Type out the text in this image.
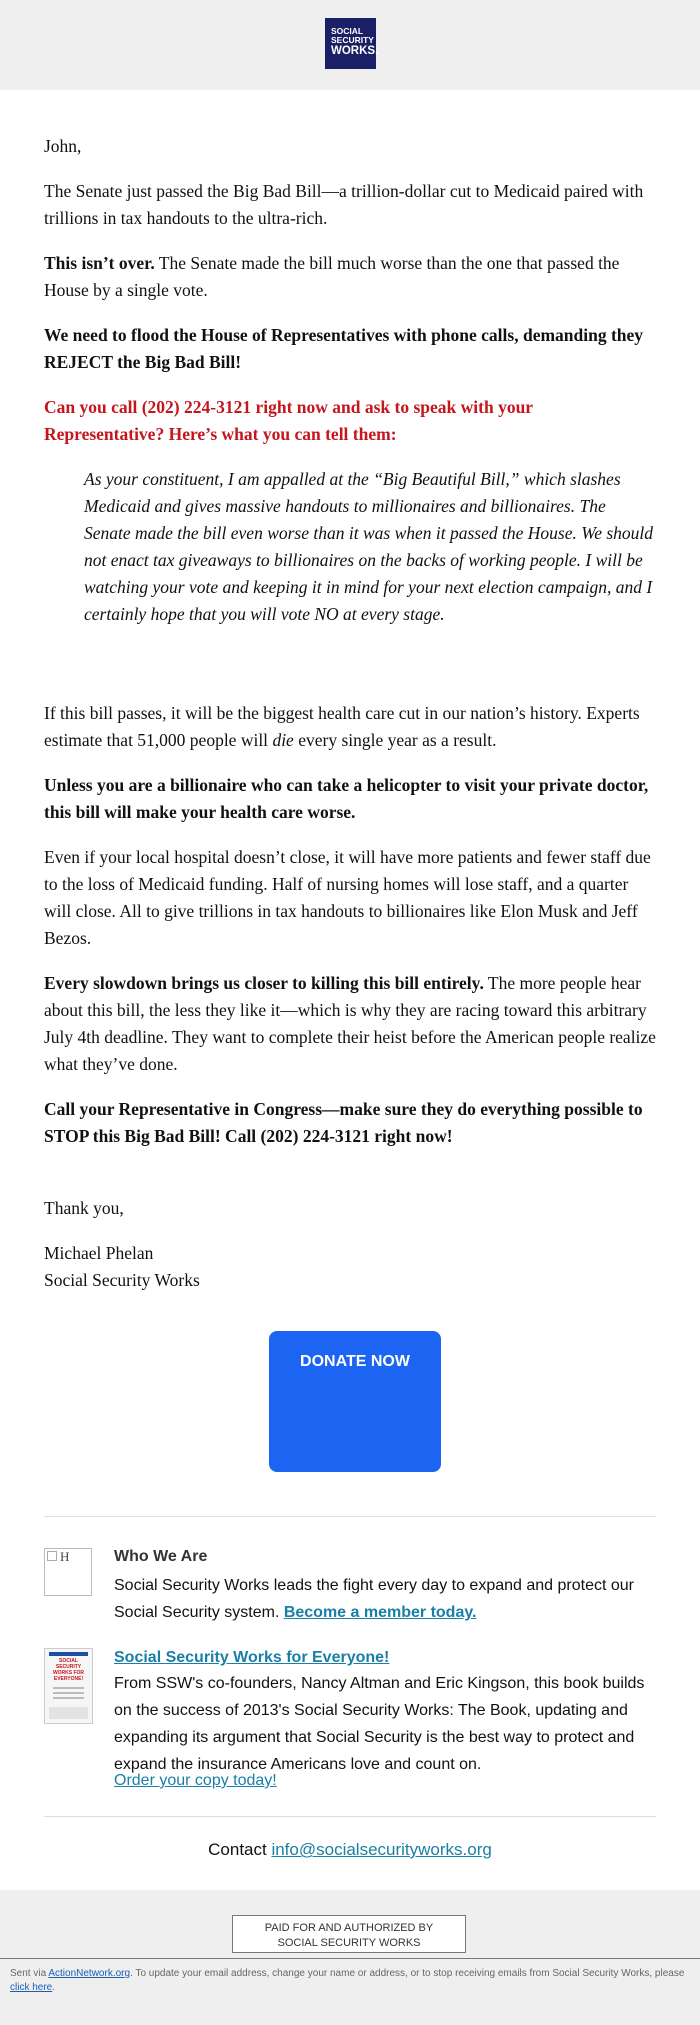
SOCIAL
SECURITY
WORKS.

John,

The Senate just passed the Big Bad Bill—a trillion-dollar cut to Medicaid paired with trillions in tax handouts to the ultra-rich.

This isn’t over. The Senate made the bill much worse than the one that passed the House by a single vote.

We need to flood the House of Representatives with phone calls, demanding they REJECT the Big Bad Bill!

Can you call (202) 224-3121 right now and ask to speak with your Representative? Here’s what you can tell them:

As your constituent, I am appalled at the “Big Beautiful Bill,” which slashes Medicaid and gives massive handouts to millionaires and billionaires. The Senate made the bill even worse than it was when it passed the House. We should not enact tax giveaways to billionaires on the backs of working people. I will be watching your vote and keeping it in mind for your next election campaign, and I certainly hope that you will vote NO at every stage.

If this bill passes, it will be the biggest health care cut in our nation’s history. Experts estimate that 51,000 people will die every single year as a result.

Unless you are a billionaire who can take a helicopter to visit your private doctor, this bill will make your health care worse.

Even if your local hospital doesn’t close, it will have more patients and fewer staff due to the loss of Medicaid funding. Half of nursing homes will lose staff, and a quarter will close. All to give trillions in tax handouts to billionaires like Elon Musk and Jeff Bezos.

Every slowdown brings us closer to killing this bill entirely. The more people hear about this bill, the less they like it—which is why they are racing toward this arbitrary July 4th deadline. They want to complete their heist before the American people realize what they’ve done.

Call your Representative in Congress—make sure they do everything possible to STOP this Big Bad Bill! Call (202) 224-3121 right now!

Thank you,

Michael Phelan

Social Security Works

DONATE NOW
H	Who We Are
Social Security Works leads the fight every day to expand and protect our Social Security system. Become a member today.
SOCIAL
SECURITY
WORKS FOR
EVERYONE!
Social Security Works for Everyone!
From SSW's co-founders, Nancy Altman and Eric Kingson, this book builds on the success of 2013's Social Security Works: The Book, updating and expanding its argument that Social Security is the best way to protect and expand the insurance Americans love and count on.
Order your copy today!
Contact info@socialsecurityworks.org
PAID FOR AND AUTHORIZED BY
SOCIAL SECURITY WORKS
Sent via ActionNetwork.org. To update your email address, change your name or address, or to stop receiving emails from Social Security Works, please click here.
